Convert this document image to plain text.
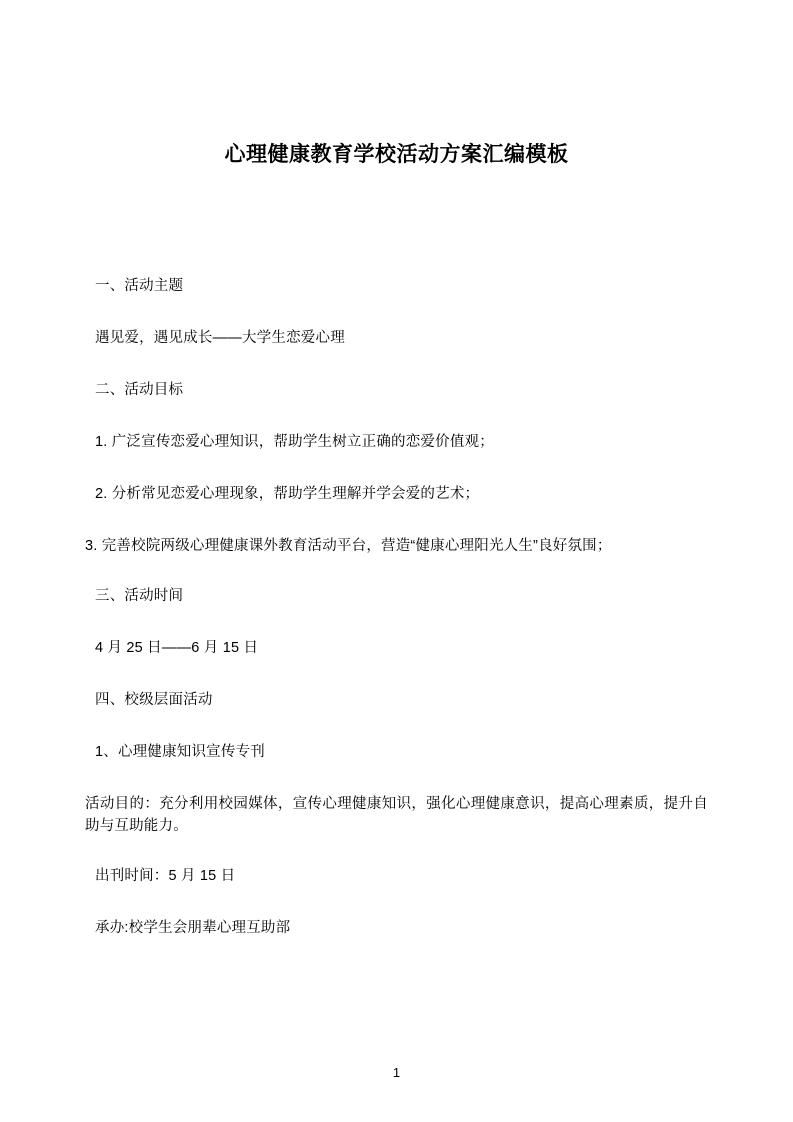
心理健康教育学校活动方案汇编模板

一、活动主题

遇见爱，遇见成长——大学生恋爱心理

二、活动目标

1. 广泛宣传恋爱心理知识，帮助学生树立正确的恋爱价值观；

2. 分析常见恋爱心理现象，帮助学生理解并学会爱的艺术；

3. 完善校院两级心理健康课外教育活动平台，营造“健康心理阳光人生”良好氛围；

三、活动时间

4 月 25 日——6 月 15 日

四、校级层面活动

1、心理健康知识宣传专刊

活动目的：充分利用校园媒体，宣传心理健康知识，强化心理健康意识，提高心理素质，提升自助与互助能力。

出刊时间：5 月 15 日

承办:校学生会朋辈心理互助部

1
